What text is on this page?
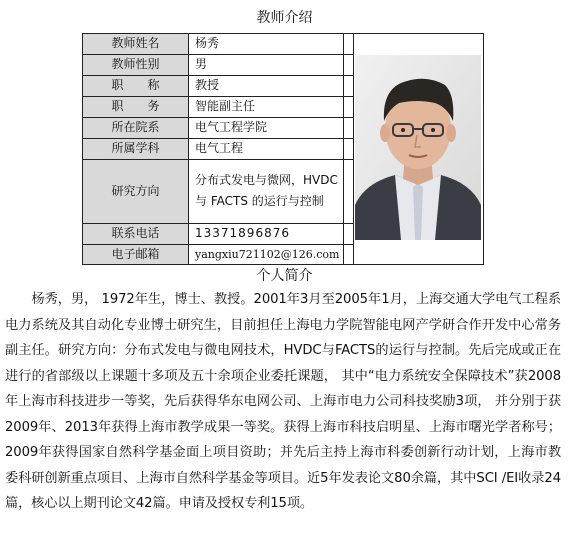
教师介绍
教师姓名	杨秀
教师性别	男
职　　称	教授
职　　务	智能副主任
所在院系	电气工程学院
所属学科	电气工程
研究方向	分布式发电与微网，HVDC 与 FACTS 的运行与控制
联系电话	13371896876
电子邮箱	yangxiu721102@126.com
个人简介
　　杨秀，男， 1972年生，博士、教授。2001年3月至2005年1月，上海交通大学电气工程系电力系统及其自动化专业博士研究生，目前担任上海电力学院智能电网产学研合作开发中心常务副主任。研究方向：分布式发电与微电网技术，HVDC与FACTS的运行与控制。先后完成或正在进行的省部级以上课题十多项及五十余项企业委托课题， 其中“电力系统安全保障技术”获2008年上海市科技进步一等奖，先后获得华东电网公司、上海市电力公司科技奖励3项， 并分别于获2009年、2013年获得上海市教学成果一等奖。获得上海市科技启明星、上海市曙光学者称号； 2009年获得国家自然科学基金面上项目资助；并先后主持上海市科委创新行动计划，上海市教委科研创新重点项目、上海市自然科学基金等项目。近5年发表论文80余篇，其中SCI /EI收录24篇，核心以上期刊论文42篇。申请及授权专利15项。
